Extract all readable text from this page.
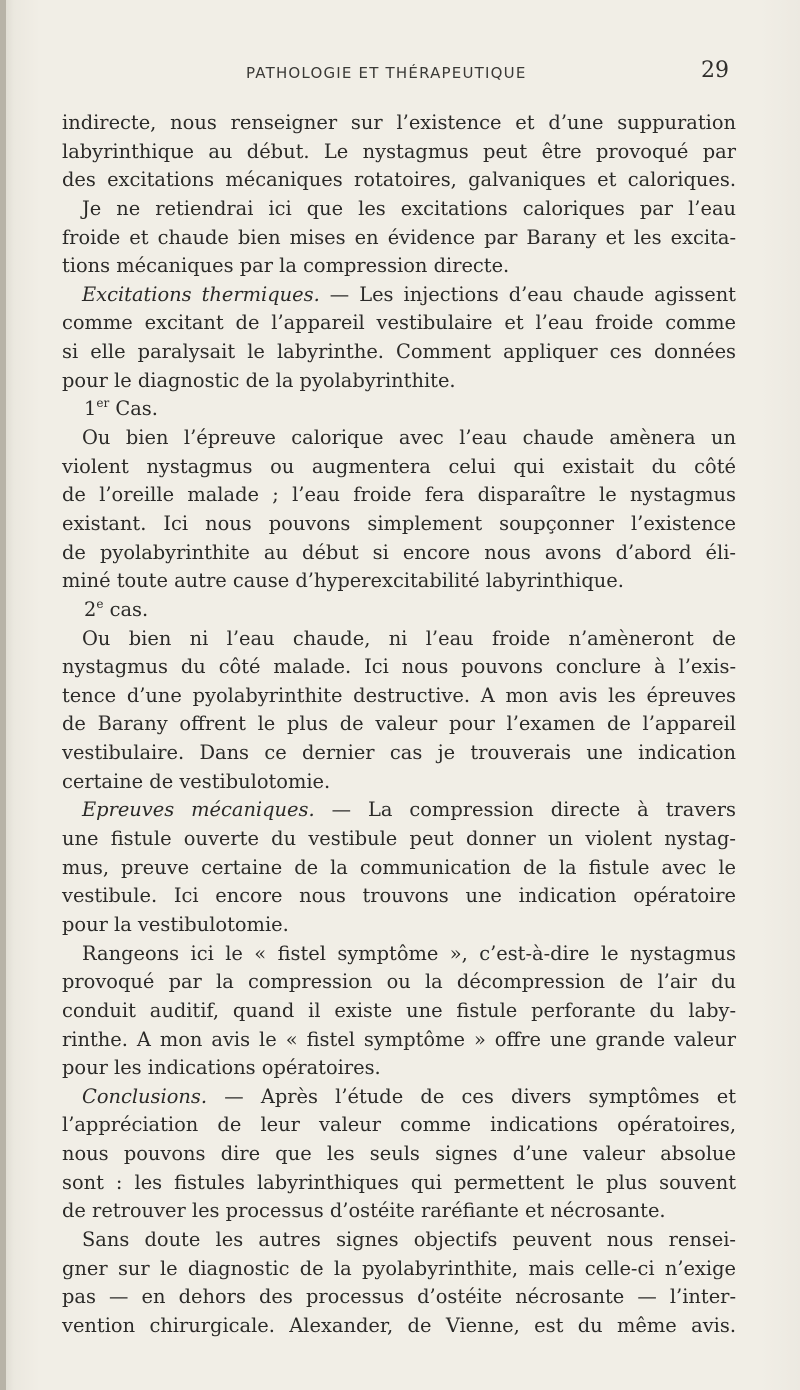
PATHOLOGIE ET THÉRAPEUTIQUE	29
indirecte, nous renseigner sur l’existence et d’une suppuration
labyrinthique au début. Le nystagmus peut être provoqué par
des excitations mécaniques rotatoires, galvaniques et caloriques.
Je ne retiendrai ici que les excitations caloriques par l’eau
froide et chaude bien mises en évidence par Barany et les excita-
tions mécaniques par la compression directe.
Excitations thermiques. — Les injections d’eau chaude agissent
comme excitant de l’appareil vestibulaire et l’eau froide comme
si elle paralysait le labyrinthe. Comment appliquer ces données
pour le diagnostic de la pyolabyrinthite.
1er Cas.
Ou bien l’épreuve calorique avec l’eau chaude amènera un
violent nystagmus ou augmentera celui qui existait du côté
de l’oreille malade ; l’eau froide fera disparaître le nystagmus
existant. Ici nous pouvons simplement soupçonner l’existence
de pyolabyrinthite au début si encore nous avons d’abord éli-
miné toute autre cause d’hyperexcitabilité labyrinthique.
2e cas.
Ou bien ni l’eau chaude, ni l’eau froide n’amèneront de
nystagmus du côté malade. Ici nous pouvons conclure à l’exis-
tence d’une pyolabyrinthite destructive. A mon avis les épreuves
de Barany offrent le plus de valeur pour l’examen de l’appareil
vestibulaire. Dans ce dernier cas je trouverais une indication
certaine de vestibulotomie.
Epreuves mécaniques. — La compression directe à travers
une fistule ouverte du vestibule peut donner un violent nystag-
mus, preuve certaine de la communication de la fistule avec le
vestibule. Ici encore nous trouvons une indication opératoire
pour la vestibulotomie.
Rangeons ici le « fistel symptôme », c’est-à-dire le nystagmus
provoqué par la compression ou la décompression de l’air du
conduit auditif, quand il existe une fistule perforante du laby-
rinthe. A mon avis le « fistel symptôme » offre une grande valeur
pour les indications opératoires.
Conclusions. — Après l’étude de ces divers symptômes et
l’appréciation de leur valeur comme indications opératoires,
nous pouvons dire que les seuls signes d’une valeur absolue
sont : les fistules labyrinthiques qui permettent le plus souvent
de retrouver les processus d’ostéite raréfiante et nécrosante.
Sans doute les autres signes objectifs peuvent nous rensei-
gner sur le diagnostic de la pyolabyrinthite, mais celle-ci n’exige
pas — en dehors des processus d’ostéite nécrosante — l’inter-
vention chirurgicale. Alexander, de Vienne, est du même avis.
